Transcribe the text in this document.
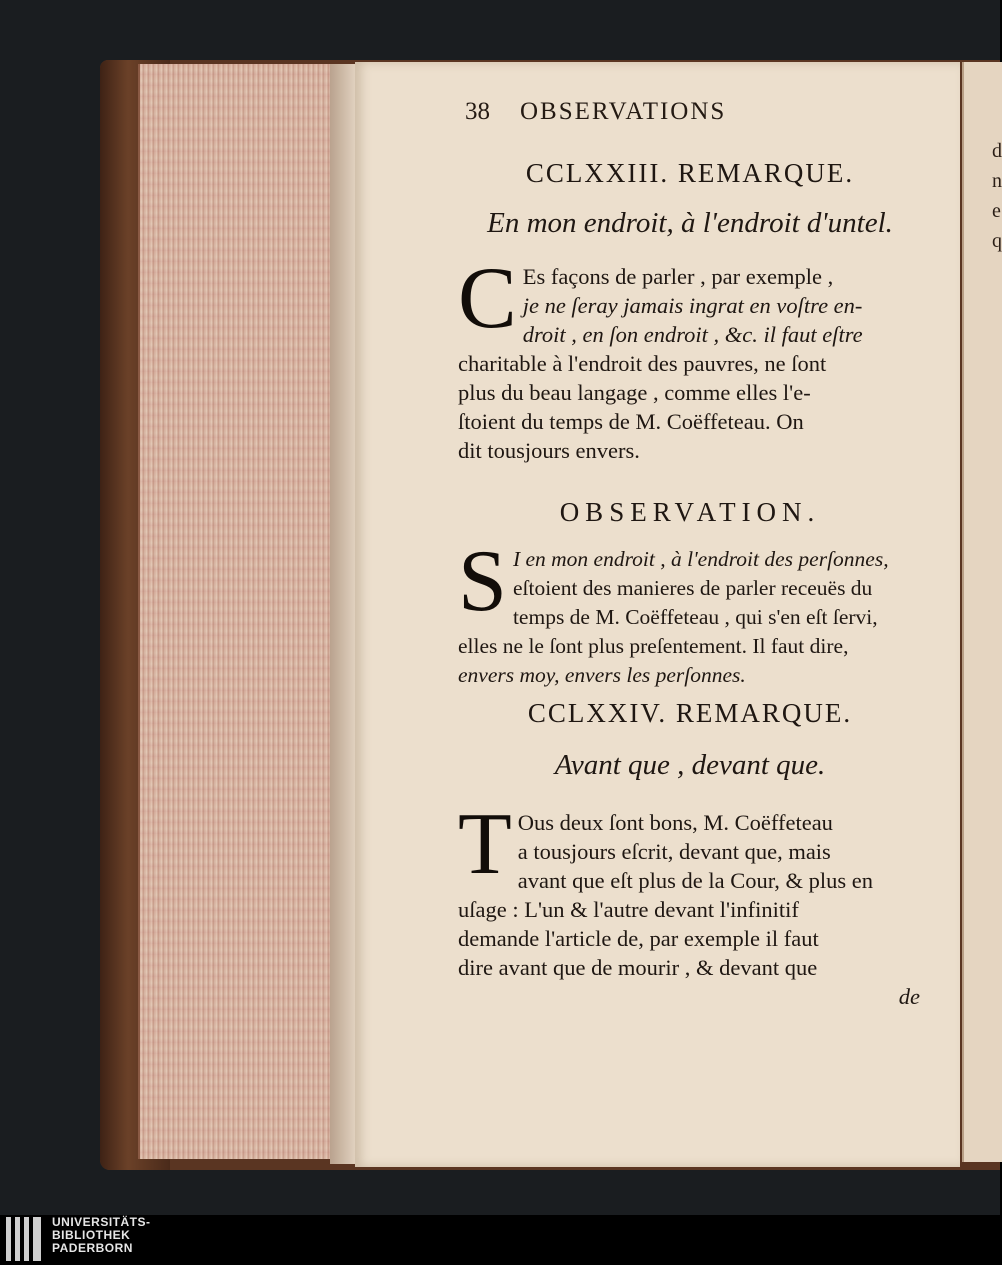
d
n
e
q
38 OBSERVATIONS
CCLXXIII. REMARQUE.
En mon endroit, à l'endroit d'untel.
C Es façons de parler , par exemple ,
je ne ſeray jamais ingrat en voſtre en-
droit , en ſon endroit , &c. il faut eſtre
charitable à l'endroit des pauvres, ne ſont
plus du beau langage , comme elles l'e-
ſtoient du temps de M. Coëffeteau. On
dit tousjours envers.
OBSERVATION.
S I en mon endroit , à l'endroit des perſonnes,
eſtoient des manieres de parler receuës du
temps de M. Coëffeteau , qui s'en eſt ſervi,
elles ne le ſont plus preſentement. Il faut dire,
envers moy, envers les perſonnes.
CCLXXIV. REMARQUE.
Avant que , devant que.
T Ous deux ſont bons, M. Coëffeteau
a tousjours eſcrit, devant que, mais
avant que eſt plus de la Cour, & plus en
uſage : L'un & l'autre devant l'infinitif
demande l'article de, par exemple il faut
dire avant que de mourir , & devant que
de
UNIVERSITÄTS-
BIBLIOTHEK
PADERBORN
